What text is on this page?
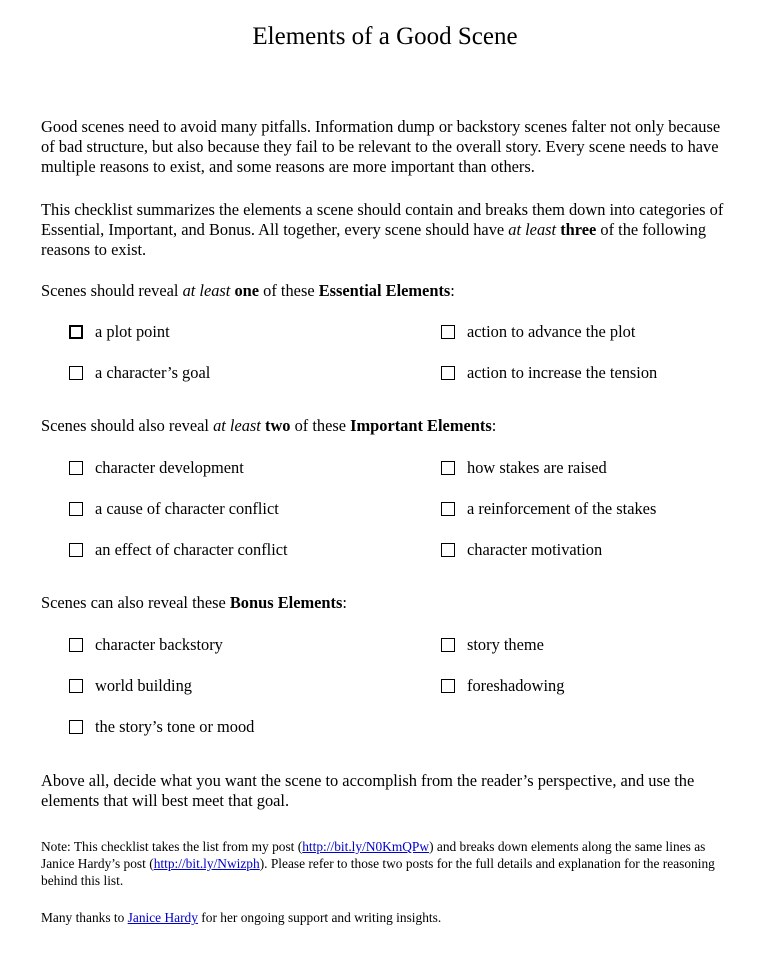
Elements of a Good Scene
Good scenes need to avoid many pitfalls. Information dump or backstory scenes falter not only because of bad structure, but also because they fail to be relevant to the overall story. Every scene needs to have multiple reasons to exist, and some reasons are more important than others.
This checklist summarizes the elements a scene should contain and breaks them down into categories of Essential, Important, and Bonus. All together, every scene should have at least three of the following reasons to exist.
Scenes should reveal at least one of these Essential Elements:
a plot point	action to advance the plot
a character’s goal	action to increase the tension
Scenes should also reveal at least two of these Important Elements:
character development	how stakes are raised
a cause of character conflict	a reinforcement of the stakes
an effect of character conflict	character motivation
Scenes can also reveal these Bonus Elements:
character backstory	story theme
world building	foreshadowing
the story’s tone or mood
Above all, decide what you want the scene to accomplish from the reader’s perspective, and use the elements that will best meet that goal.
Note: This checklist takes the list from my post (http://bit.ly/N0KmQPw) and breaks down elements along the same lines as Janice Hardy’s post (http://bit.ly/Nwizph). Please refer to those two posts for the full details and explanation for the reasoning behind this list.
Many thanks to Janice Hardy for her ongoing support and writing insights.
